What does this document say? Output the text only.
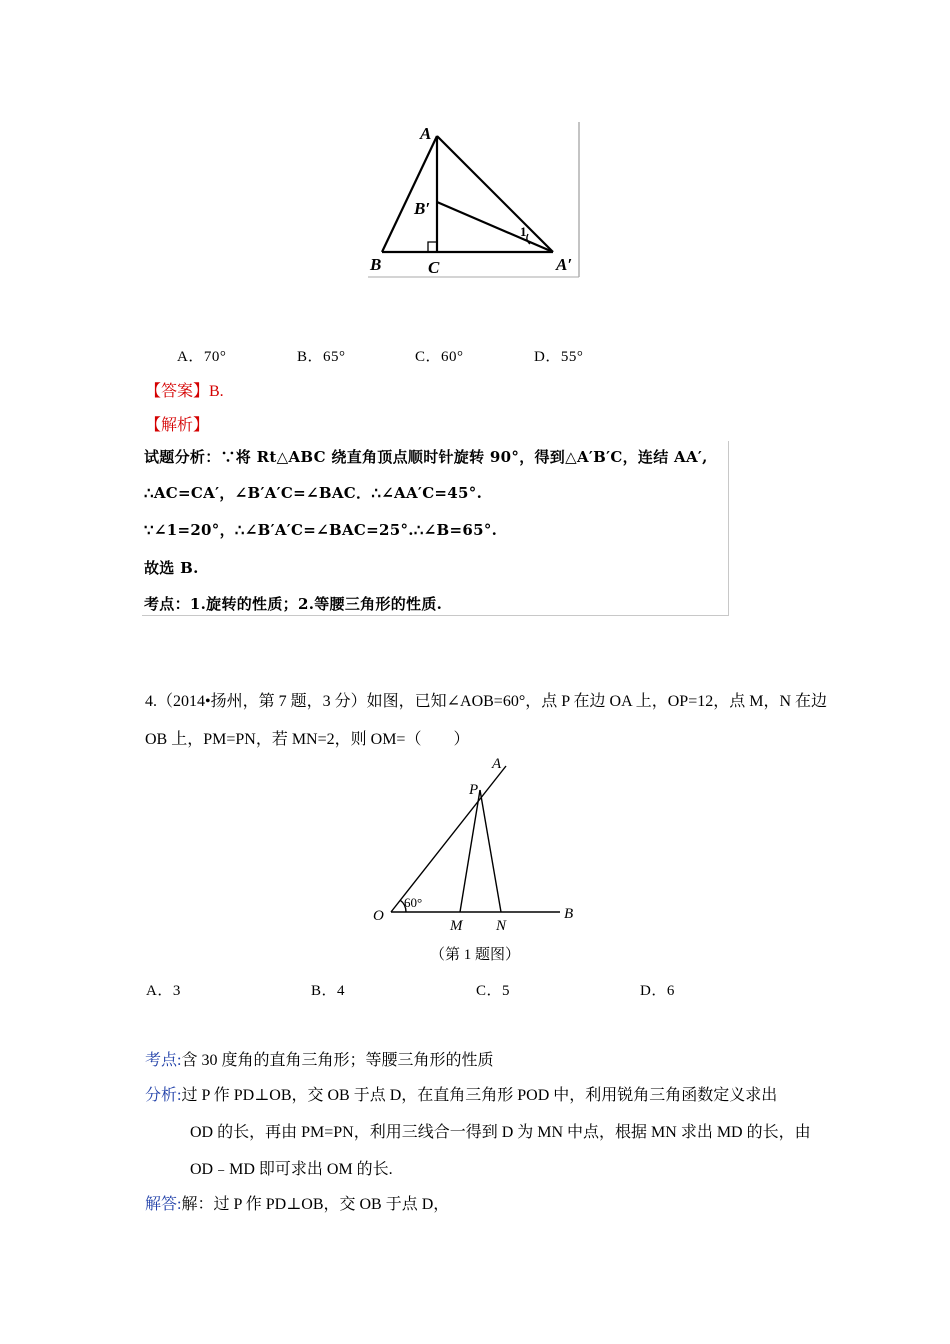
A
B′
B	C	A′
1
A．70°	B．65°	C．60°	D．55°
【答案】B.
【解析】
试题分析：∵将 Rt△ABC 绕直角顶点顺时针旋转 90°，得到△A′B′C，连结 AA′,
∴AC=CA′，∠B′A′C=∠BAC．∴∠AA′C=45°.
∵∠1=20°，∴∠B′A′C=∠BAC=25°.∴∠B=65°.
故选 B.
考点：1.旋转的性质；2.等腰三角形的性质.
4.（2014•扬州，第 7 题，3 分）如图，已知∠AOB=60°，点 P 在边 OA 上，OP=12，点 M，N 在边
OB 上，PM=PN，若 MN=2，则 OM=（　　）
A
P
O
60°
M N
B
（第 1 题图）
A．3	B．4	C．5	D．6
考点:含 30 度角的直角三角形；等腰三角形的性质
分析:过 P 作 PD⊥OB，交 OB 于点 D，在直角三角形 POD 中，利用锐角三角函数定义求出
OD 的长，再由 PM=PN，利用三线合一得到 D 为 MN 中点，根据 MN 求出 MD 的长，由
OD﹣MD 即可求出 OM 的长.
解答:解：过 P 作 PD⊥OB，交 OB 于点 D，
